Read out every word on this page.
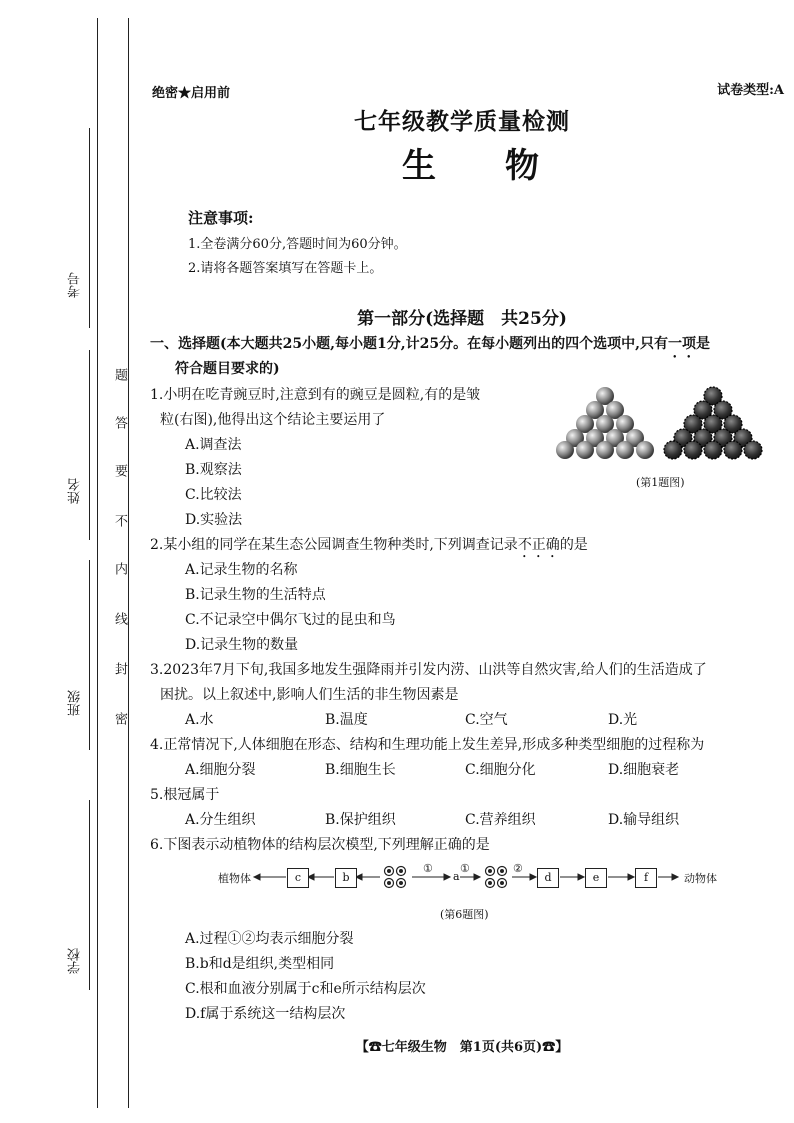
考号
姓名
班级
学校
题
答
要
不
内
线
封
密
绝密★启用前	试卷类型:A
七年级教学质量检测
生 物
注意事项:
1.全卷满分60分,答题时间为60分钟。
2.请将各题答案填写在答题卡上。
第一部分(选择题　共25分)
一、选择题(本大题共25小题,每小题1分,计25分。在每小题列出的四个选项中,只有一项是
符合题目要求的)
1.小明在吃青豌豆时,注意到有的豌豆是圆粒,有的是皱
粒(右图),他得出这个结论主要运用了
A.调查法
B.观察法
C.比较法
D.实验法
(第1题图)
2.某小组的同学在某生态公园调查生物种类时,下列调查记录不正确的是
A.记录生物的名称
B.记录生物的生活特点
C.不记录空中偶尔飞过的昆虫和鸟
D.记录生物的数量
3.2023年7月下旬,我国多地发生强降雨并引发内涝、山洪等自然灾害,给人们的生活造成了
困扰。以上叙述中,影响人们生活的非生物因素是
A.水	B.温度	C.空气	D.光
4.正常情况下,人体细胞在形态、结构和生理功能上发生差异,形成多种类型细胞的过程称为
A.细胞分裂	B.细胞生长	C.细胞分化	D.细胞衰老
5.根冠属于
A.分生组织	B.保护组织	C.营养组织	D.输导组织
6.下图表示动植物体的结构层次模型,下列理解正确的是
植物体	c	b
①
a
①	②
d	e	f	动物体
(第6题图)
A.过程①②均表示细胞分裂
B.b和d是组织,类型相同
C.根和血液分别属于c和e所示结构层次
D.f属于系统这一结构层次
【☎七年级生物　第1页(共6页)☎】
